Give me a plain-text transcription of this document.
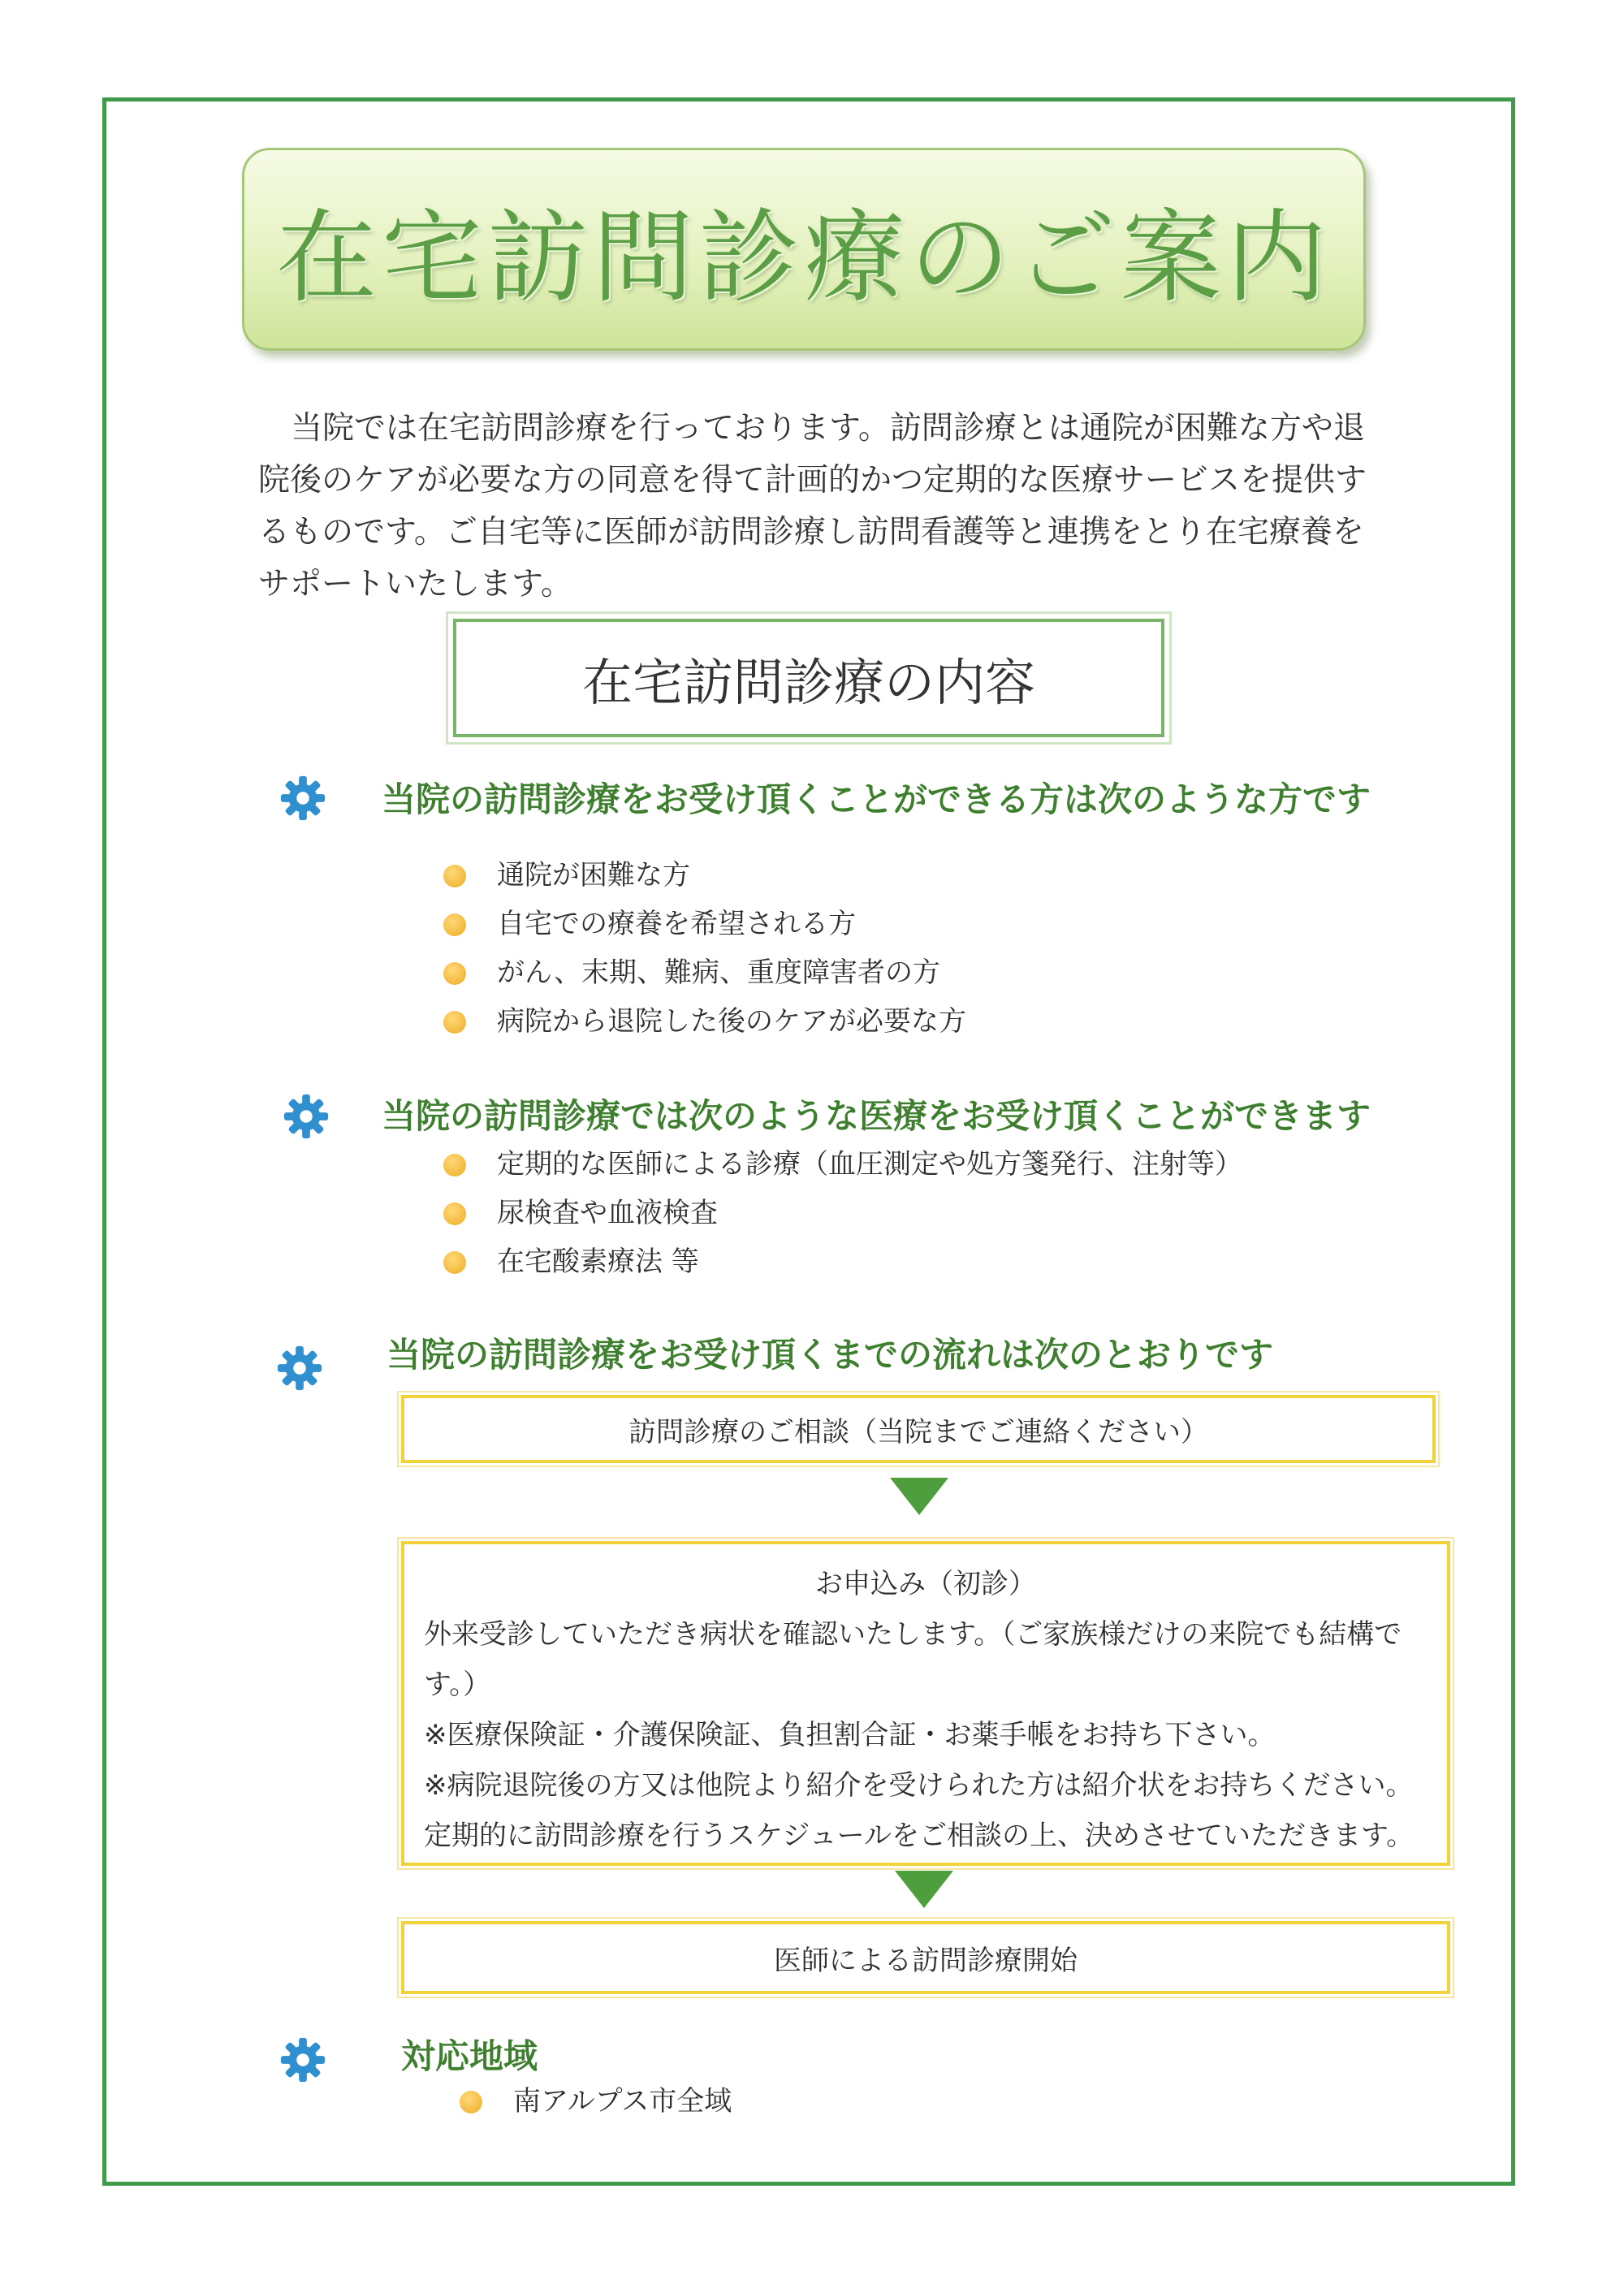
在宅訪問診療のご案内

当院では在宅訪問診療を行っております。訪問診療とは通院が困難な方や退

院後のケアが必要な方の同意を得て計画的かつ定期的な医療サービスを提供す

るものです。ご自宅等に医師が訪問診療し訪問看護等と連携をとり在宅療養を

サポートいたします。

在宅訪問診療の内容
当院の訪問診療をお受け頂くことができる方は次のような方です
通院が困難な方
自宅での療養を希望される方
がん、末期、難病、重度障害者の方
病院から退院した後のケアが必要な方
当院の訪問診療では次のような医療をお受け頂くことができます
定期的な医師による診療（血圧測定や処方箋発行、注射等）
尿検査や血液検査
在宅酸素療法 等
当院の訪問診療をお受け頂くまでの流れは次のとおりです
訪問診療のご相談（当院までご連絡ください）

お申込み（初診）

外来受診していただき病状を確認いたします。（ご家族様だけの来院でも結構で

す。）

※医療保険証・介護保険証、負担割合証・お薬手帳をお持ち下さい。

※病院退院後の方又は他院より紹介を受けられた方は紹介状をお持ちください。

定期的に訪問診療を行うスケジュールをご相談の上、決めさせていただきます。

医師による訪問診療開始
対応地域
南アルプス市全域
